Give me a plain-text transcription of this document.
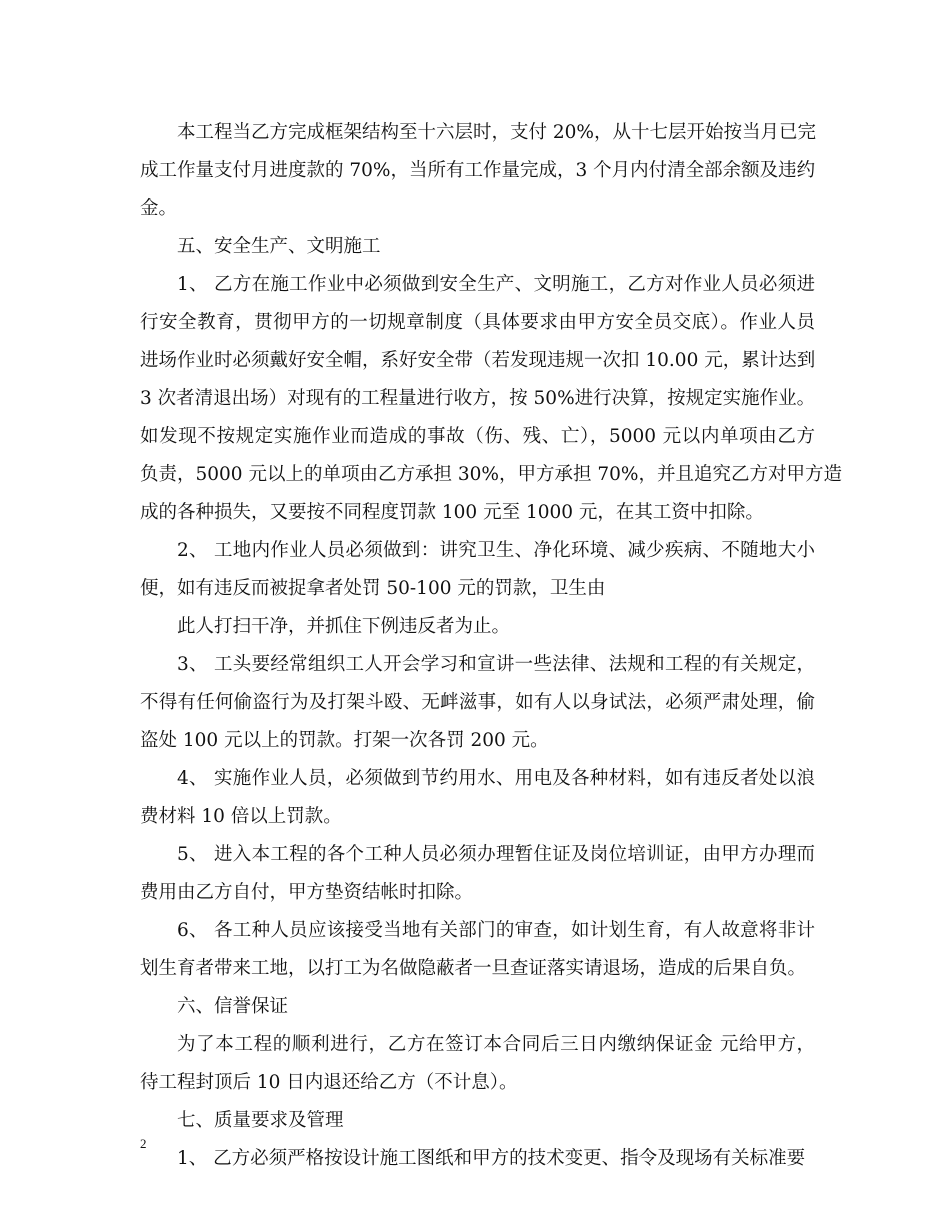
本工程当乙方完成框架结构至十六层时，支付 20%，从十七层开始按当月已完
成工作量支付月进度款的 70%，当所有工作量完成，3 个月内付清全部余额及违约
金。
五、安全生产、文明施工
1、 乙方在施工作业中必须做到安全生产、文明施工，乙方对作业人员必须进
行安全教育，贯彻甲方的一切规章制度（具体要求由甲方安全员交底）。作业人员
进场作业时必须戴好安全帽，系好安全带（若发现违规一次扣 10.00 元，累计达到
3 次者清退出场）对现有的工程量进行收方，按 50%进行决算，按规定实施作业。
如发现不按规定实施作业而造成的事故（伤、残、亡），5000 元以内单项由乙方
负责，5000 元以上的单项由乙方承担 30%，甲方承担 70%，并且追究乙方对甲方造
成的各种损失，又要按不同程度罚款 100 元至 1000 元，在其工资中扣除。
2、 工地内作业人员必须做到：讲究卫生、净化环境、减少疾病、不随地大小
便，如有违反而被捉拿者处罚 50-100 元的罚款，卫生由
此人打扫干净，并抓住下例违反者为止。
3、 工头要经常组织工人开会学习和宣讲一些法律、法规和工程的有关规定，
不得有任何偷盗行为及打架斗殴、无衅滋事，如有人以身试法，必须严肃处理，偷
盗处 100 元以上的罚款。打架一次各罚 200 元。
4、 实施作业人员，必须做到节约用水、用电及各种材料，如有违反者处以浪
费材料 10 倍以上罚款。
5、 进入本工程的各个工种人员必须办理暂住证及岗位培训证，由甲方办理而
费用由乙方自付，甲方垫资结帐时扣除。
6、 各工种人员应该接受当地有关部门的审查，如计划生育，有人故意将非计
划生育者带来工地，以打工为名做隐蔽者一旦查证落实请退场，造成的后果自负。
六、信誉保证
为了本工程的顺利进行，乙方在签订本合同后三日内缴纳保证金 元给甲方，
待工程封顶后 10 日内退还给乙方（不计息）。
七、质量要求及管理
1、 乙方必须严格按设计施工图纸和甲方的技术变更、指令及现场有关标准要
2
